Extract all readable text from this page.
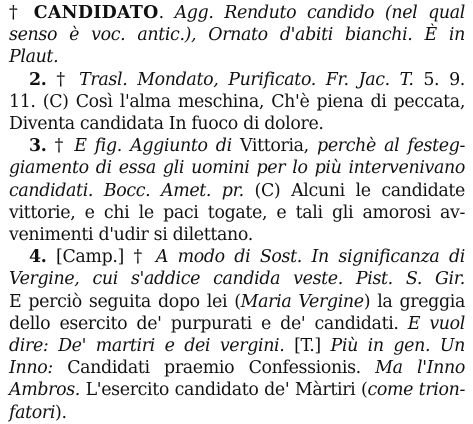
† CANDIDATO. Agg. Renduto candido (nel qual
senso è voc. antic.), Ornato d'abiti bianchi. È in
Plaut.
2. † Trasl. Mondato, Purificato. Fr. Jac. T. 5. 9.
11. (C) Così l'alma meschina, Ch'è piena di peccata,
Diventa candidata In fuoco di dolore.
3. † E fig. Aggiunto di Vittoria, perchè al festeg-
giamento di essa gli uomini per lo più intervenivano
candidati. Bocc. Amet. pr. (C) Alcuni le candidate
vittorie, e chi le paci togate, e tali gli amorosi av-
venimenti d'udir si dilettano.
4. [Camp.] † A modo di Sost. In significanza di
Vergine, cui s'addice candida veste. Pist. S. Gir.
E perciò seguita dopo lei (Maria Vergine) la greggia
dello esercito de' purpurati e de' candidati. E vuol
dire: De' martiri e dei vergini. [T.] Più in gen. Un
Inno: Candidati praemio Confessionis. Ma l'Inno
Ambros. L'esercito candidato de' Màrtiri (come trion-
fatori).
